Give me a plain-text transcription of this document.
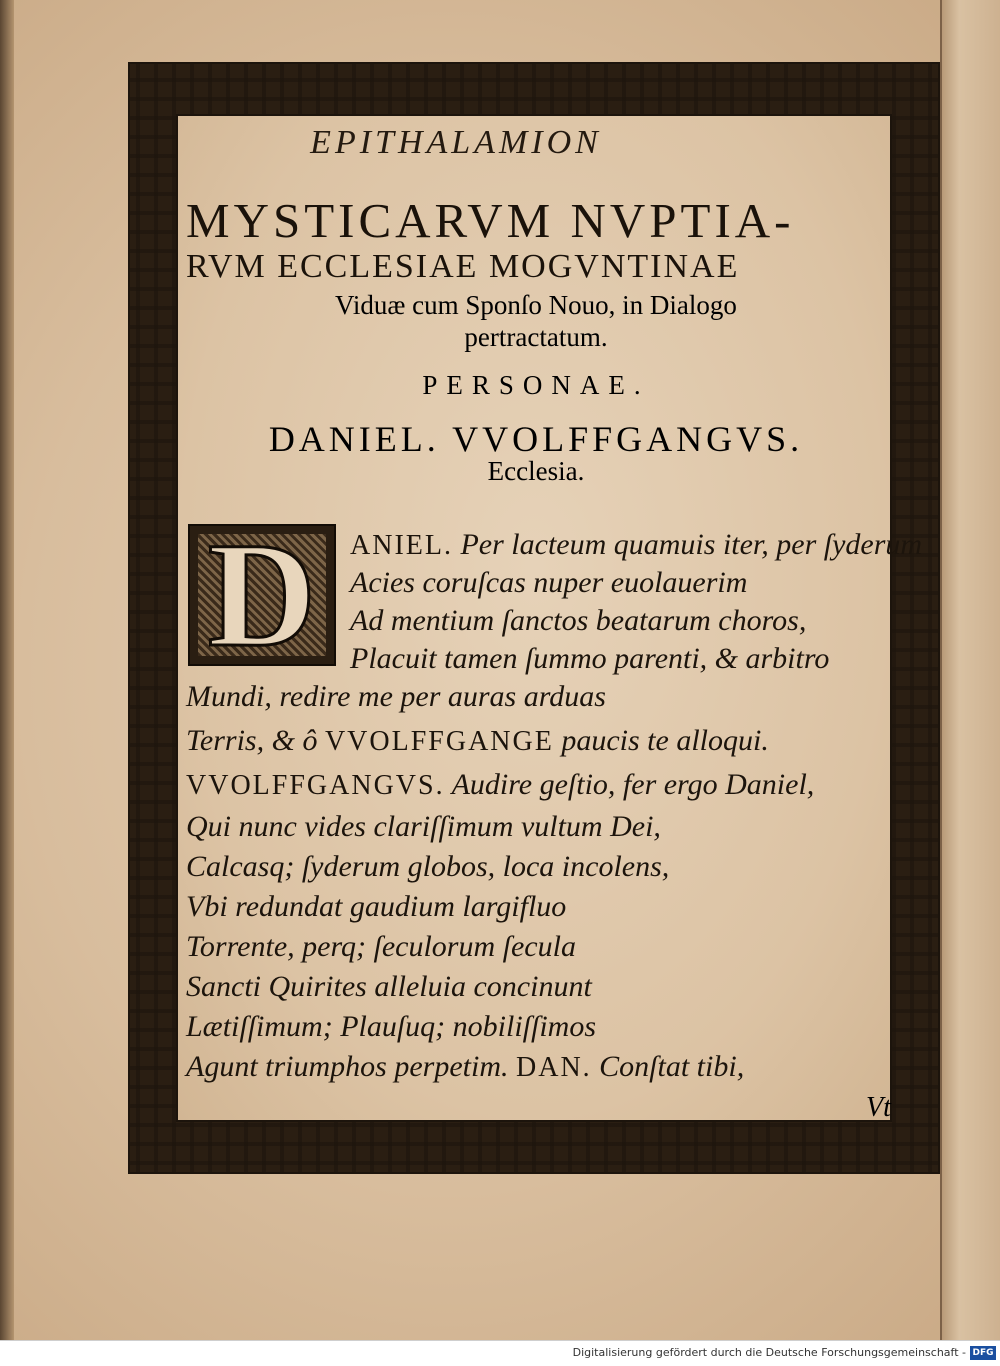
EPITHALAMION
MYSTICARVM NVPTIA-
RVM ECCLESIAE MOGVNTINAE
Viduæ cum Sponſo Nouo, in Dialogo
pertractatum.
PERSONAE.
DANIEL. VVOLFFGANGVS.
Ecclesia.
D	ANIEL. Per lacteum quamuis iter, per ſyderum
Acies coruſcas nuper euolauerim
Ad mentium ſanctos beatarum choros,
Placuit tamen ſummo parenti, & arbitro
Mundi, redire me per auras arduas
Terris, & ô VVOLFFGANGE paucis te alloqui.
VVOLFFGANGVS. Audire geſtio, fer ergo Daniel,
Qui nunc vides clariſſimum vultum Dei,
Calcasq; ſyderum globos, loca incolens,
Vbi redundat gaudium largifluo
Torrente, perq; ſeculorum ſecula
Sancti Quirites alleluia concinunt
Lætiſſimum; Plauſuq; nobiliſſimos
Agunt triumphos perpetim. DAN. Conſtat tibi,
Vt
Digitalisierung gefördert durch die Deutsche Forschungsgemeinschaft - DFG
